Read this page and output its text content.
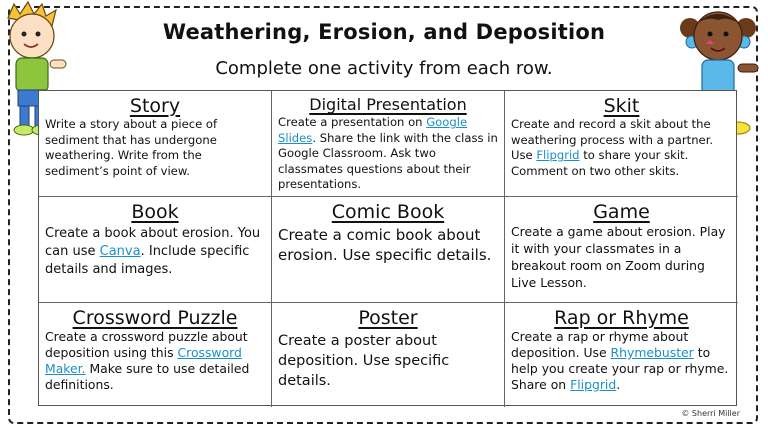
Weathering, Erosion, and Deposition
Complete one activity from each row.
Story
Write a story about a piece of sediment that has undergone weathering. Write from the sediment’s point of view.
Digital Presentation
Create a presentation on Google Slides. Share the link with the class in Google Classroom. Ask two classmates questions about their presentations.
Skit
Create and record a skit about the weathering process with a partner. Use Flipgrid to share your skit. Comment on two other skits.
Book
Create a book about erosion. You can use Canva. Include specific details and images.
Comic Book
Create a comic book about erosion. Use specific details.
Game
Create a game about erosion. Play it with your classmates in a breakout room on Zoom during Live Lesson.
Crossword Puzzle
Create a crossword puzzle about deposition using this Crossword Maker. Make sure to use detailed definitions.
Poster
Create a poster about deposition. Use specific details.
Rap or Rhyme
Create a rap or rhyme about deposition. Use Rhymebuster to help you create your rap or rhyme. Share on Flipgrid.
© Sherri Miller
